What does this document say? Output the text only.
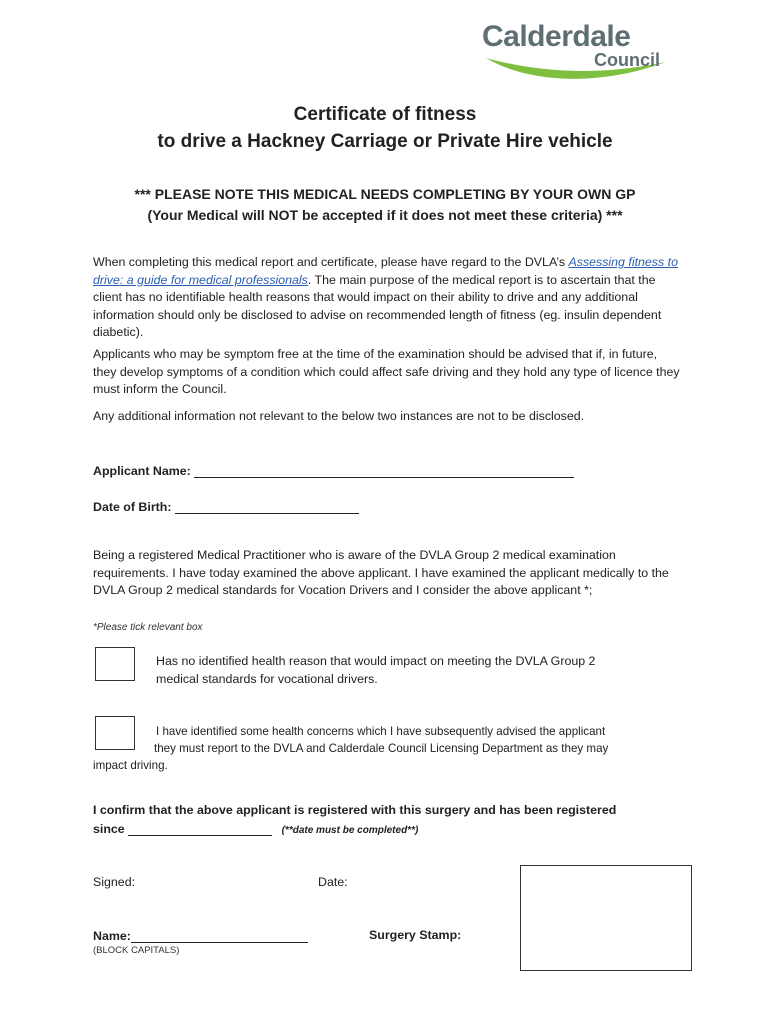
Calderdale
Council
Certificate of fitness
to drive a Hackney Carriage or Private Hire vehicle
*** PLEASE NOTE THIS MEDICAL NEEDS COMPLETING BY YOUR OWN GP
(Your Medical will NOT be accepted if it does not meet these criteria) ***
When completing this medical report and certificate, please have regard to the DVLA’s Assessing fitness to drive: a guide for medical professionals. The main purpose of the medical report is to ascertain that the client has no identifiable health reasons that would impact on their ability to drive and any additional information should only be disclosed to advise on recommended length of fitness (eg. insulin dependent diabetic).
Applicants who may be symptom free at the time of the examination should be advised that if, in future, they develop symptoms of a condition which could affect safe driving and they hold any type of licence they must inform the Council.
Any additional information not relevant to the below two instances are not to be disclosed.
Applicant Name:
Date of Birth:
Being a registered Medical Practitioner who is aware of the DVLA Group 2 medical examination requirements. I have today examined the above applicant. I have examined the applicant medically to the DVLA Group 2 medical standards for Vocation Drivers and I consider the above applicant *;
*Please tick relevant box
Has no identified health reason that would impact on meeting the DVLA Group 2
medical standards for vocational drivers.
I have identified some health concerns which I have subsequently advised the applicant
they must report to the DVLA and Calderdale Council Licensing Department as they may
impact driving.
I confirm that the above applicant is registered with this surgery and has been registered
since	(**date must be completed**)
Signed:	Date:
Name:
(BLOCK CAPITALS)
Surgery Stamp:
